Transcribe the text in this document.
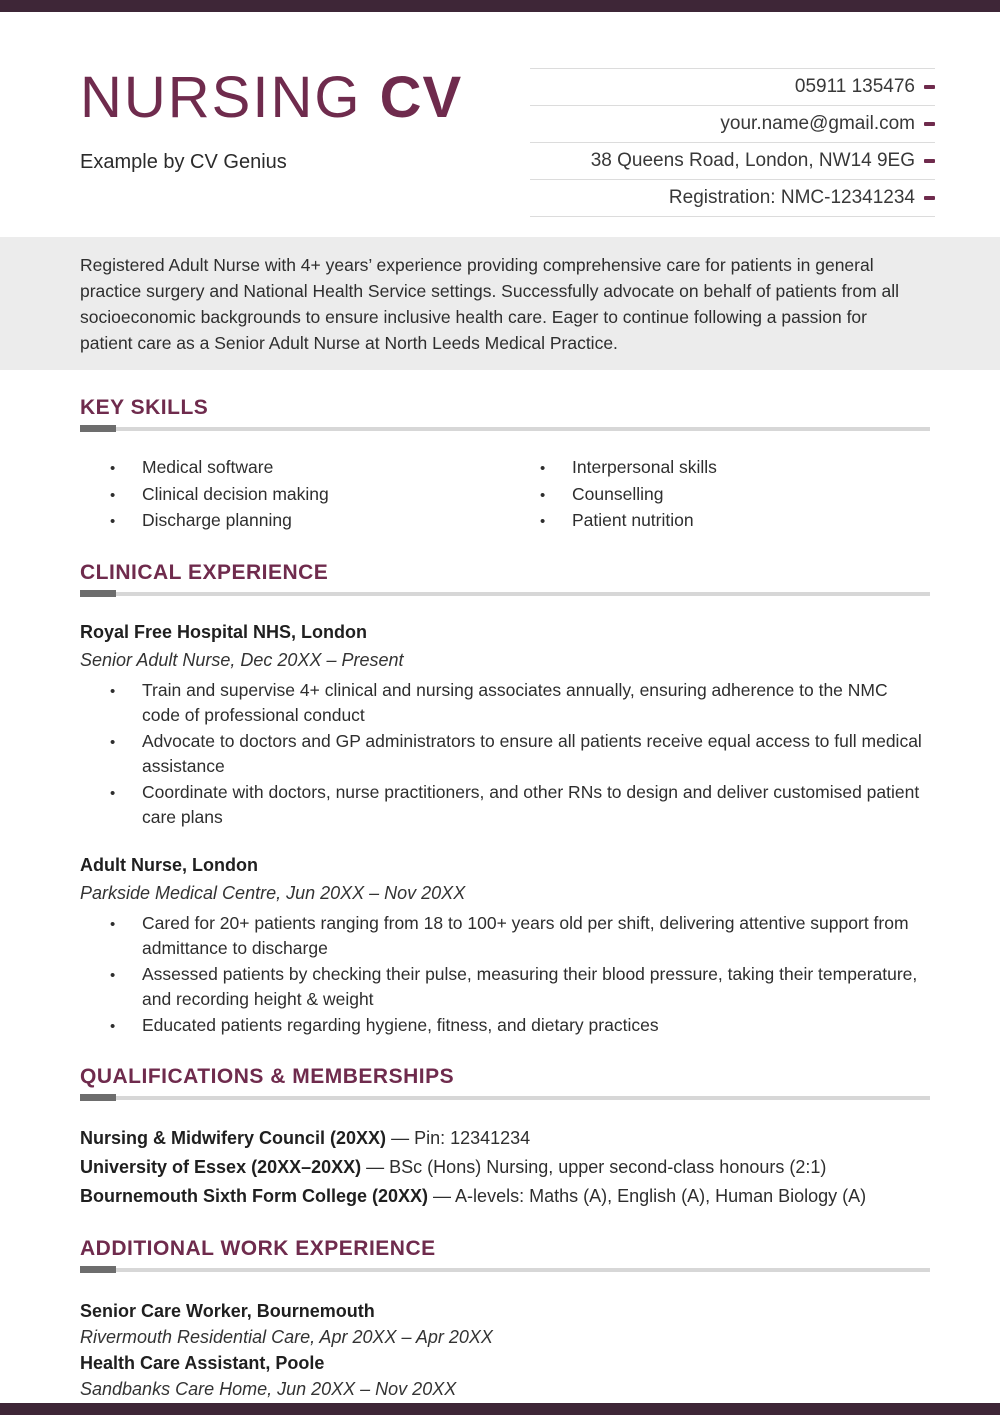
NURSING CV
Example by CV Genius
05911 135476
your.name@gmail.com
38 Queens Road, London, NW14 9EG
Registration: NMC-12341234
Registered Adult Nurse with 4+ years’ experience providing comprehensive care for patients in general practice surgery and National Health Service settings. Successfully advocate on behalf of patients from all socioeconomic backgrounds to ensure inclusive health care. Eager to continue following a passion for patient care as a Senior Adult Nurse at North Leeds Medical Practice.
KEY SKILLS
•
Medical software
•
Clinical decision making
•
Discharge planning
•
Interpersonal skills
•
Counselling
•
Patient nutrition
CLINICAL EXPERIENCE
Royal Free Hospital NHS, London
Senior Adult Nurse, Dec 20XX – Present
•
Train and supervise 4+ clinical and nursing associates annually, ensuring adherence to the NMC code of professional conduct
•
Advocate to doctors and GP administrators to ensure all patients receive equal access to full medical assistance
•
Coordinate with doctors, nurse practitioners, and other RNs to design and deliver customised patient care plans
Adult Nurse, London
Parkside Medical Centre, Jun 20XX – Nov 20XX
•
Cared for 20+ patients ranging from 18 to 100+ years old per shift, delivering attentive support from admittance to discharge
•
Assessed patients by checking their pulse, measuring their blood pressure, taking their temperature, and recording height & weight
•
Educated patients regarding hygiene, fitness, and dietary practices
QUALIFICATIONS & MEMBERSHIPS
Nursing & Midwifery Council (20XX) — Pin: 12341234
University of Essex (20XX–20XX) — BSc (Hons) Nursing, upper second-class honours (2:1)
Bournemouth Sixth Form College (20XX) — A-levels: Maths (A), English (A), Human Biology (A)
ADDITIONAL WORK EXPERIENCE
Senior Care Worker, Bournemouth
Rivermouth Residential Care, Apr 20XX – Apr 20XX
Health Care Assistant, Poole
Sandbanks Care Home, Jun 20XX – Nov 20XX
